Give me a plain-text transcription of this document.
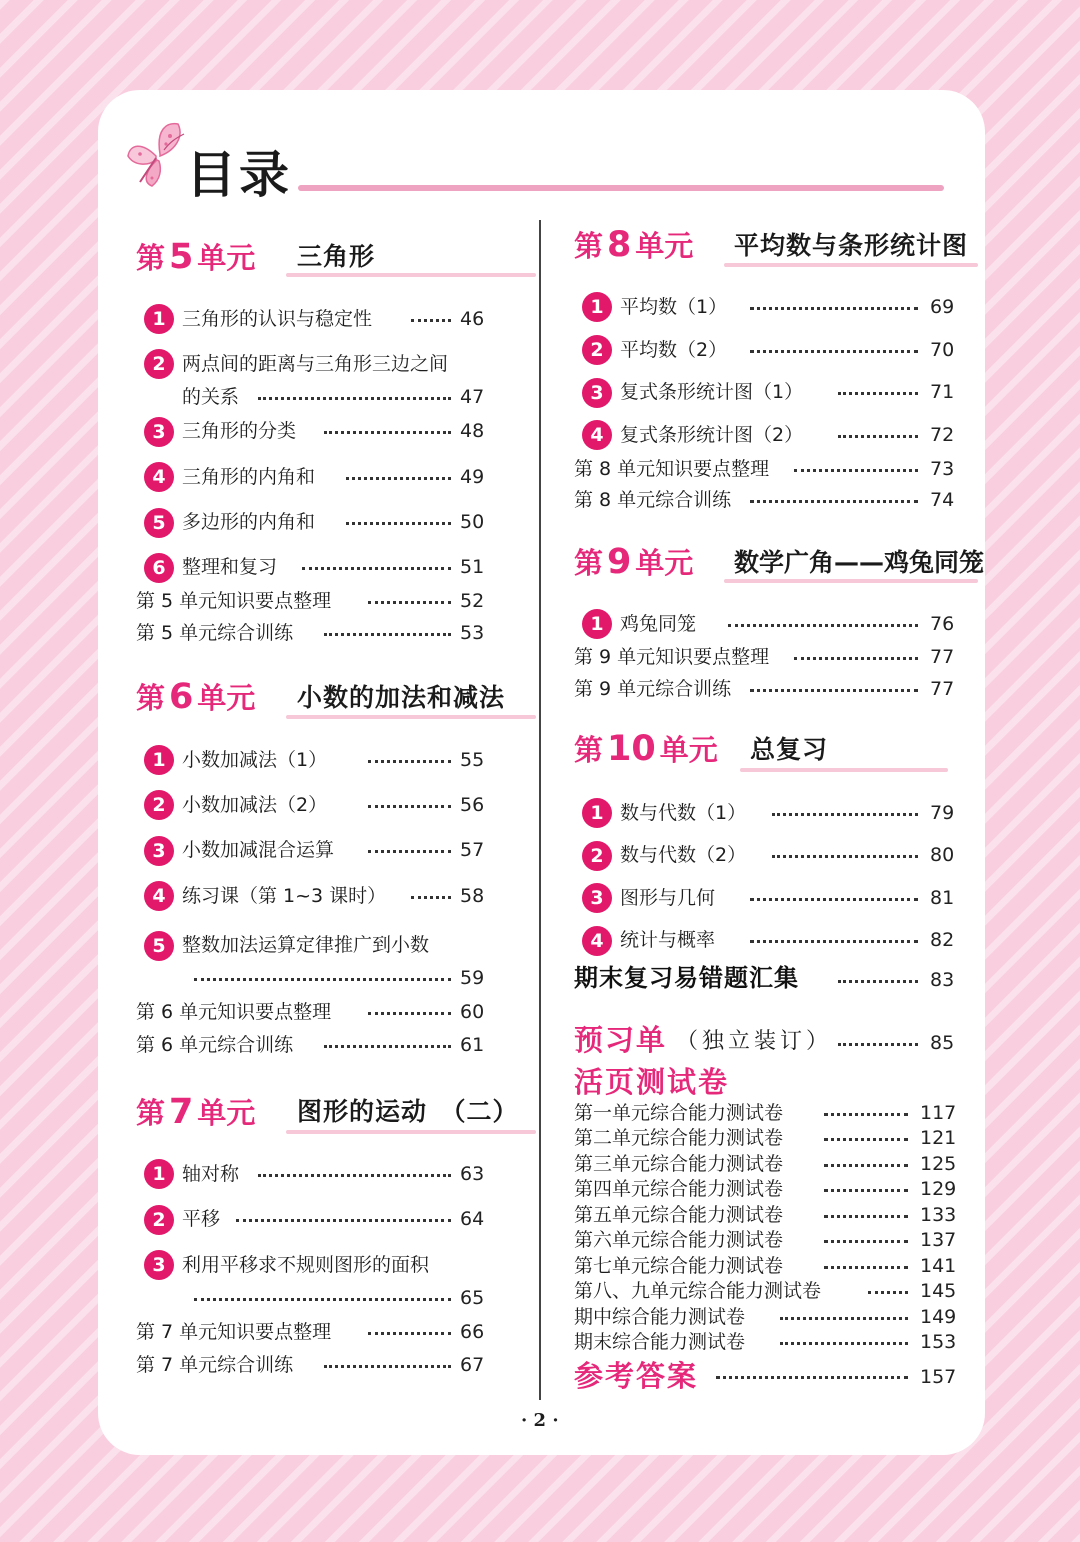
目录
第 5 单元 三角形
1 三角形的认识与稳定性	46
2 两点间的距离与三角形三边之间
的关系	47
3 三角形的分类	48
4 三角形的内角和	49
5 多边形的内角和	50
6 整理和复习	51
第 5 单元知识要点整理	52
第 5 单元综合训练	53
第 6 单元 小数的加法和减法
1 小数加减法（1）	55
2 小数加减法（2）	56
3 小数加减混合运算	57
4 练习课（第 1~3 课时）	58
5 整数加法运算定律推广到小数
59
第 6 单元知识要点整理	60
第 6 单元综合训练	61
第 7 单元 图形的运动　（二）
1 轴对称	63
2 平移	64
3 利用平移求不规则图形的面积
65
第 7 单元知识要点整理	66
第 7 单元综合训练	67
第 8 单元 平均数与条形统计图
1 平均数（1）	69
2 平均数（2）	70
3 复式条形统计图（1）	71
4 复式条形统计图（2）	72
第 8 单元知识要点整理	73
第 8 单元综合训练	74
第 9 单元 数学广角——鸡兔同笼
1 鸡兔同笼	76
第 9 单元知识要点整理	77
第 9 单元综合训练	77
第 10 单元 总复习
1 数与代数（1）	79
2 数与代数（2）	80
3 图形与几何	81
4 统计与概率	82
期末复习易错题汇集	83
预习单 （独立装订）	85
活页测试卷
第一单元综合能力测试卷	117
第二单元综合能力测试卷	121
第三单元综合能力测试卷	125
第四单元综合能力测试卷	129
第五单元综合能力测试卷	133
第六单元综合能力测试卷	137
第七单元综合能力测试卷	141
第八、九单元综合能力测试卷	145
期中综合能力测试卷	149
期末综合能力测试卷	153
参考答案	157
· 2 ·
